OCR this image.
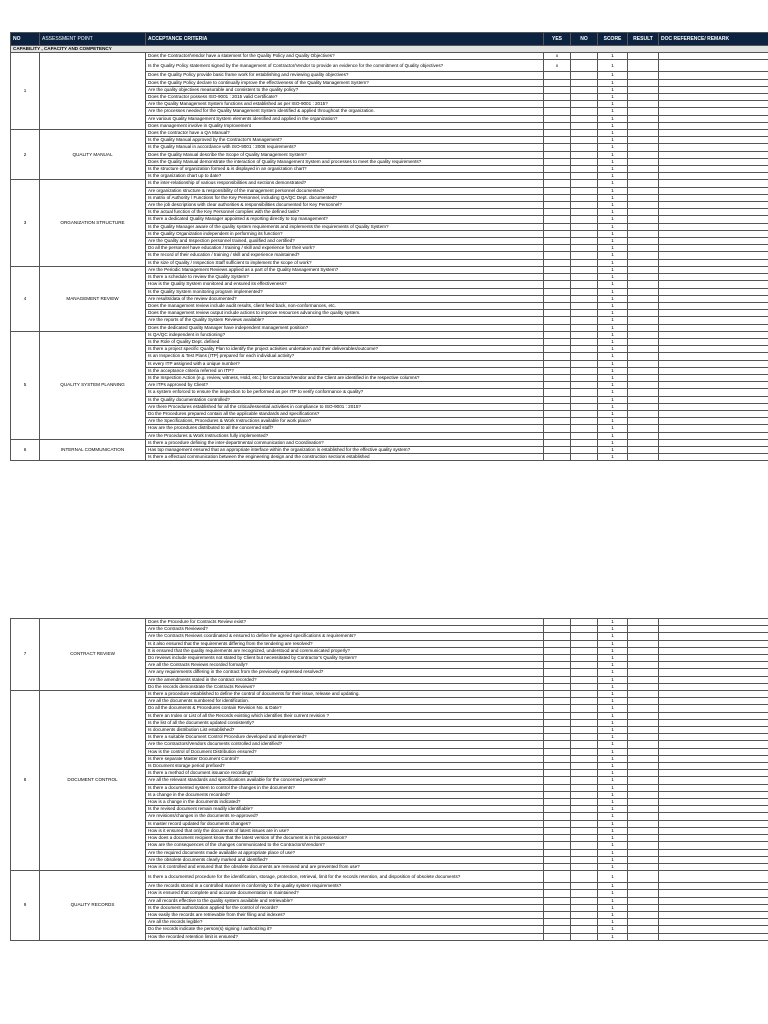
NO	ASSESSMENT POINT	ACCEPTANCE CRITERIA	YES	NO	SCORE	RESULT	DOC REFERENCE/ REMARK
CAPABILITY , CAPACITY AND COMPETENCY							
1		Does the Contractor/Vendor have a statement for the Quality Policy and Quality Objectives?	x		1		
		Is the Quality Policy statement signed by the management of Contractor/Vendor to provide an evidence for the commitment of Quality objectives?	x		1		
		Does the Quality Policy provide basic frame work for establishing and reviewing quality objectives?			1		
		Does the Quality Policy declare to continually improve the effectiveness of the Quality Management System?			1		
		Are the quality objectives measurable and consistent to the quality policy?			1		
		Does the Contractor possess ISO-9001 : 2015 valid Certificate?			1		
		Are the Quality Management System functions and established as per ISO-9001 : 2015?			1		
		Are the processes needed for the Quality Management System identified & applied throughout the organization.			1		
		Are various Quality Management System elements identified and applied in the organization?			1		
		Does management involve in Quality Improvement			1		
2	QUALITY MANUAL	Does the contractor have a QA Manual?			1		
		Is the Quality Manual approved by the Contractor's Management?			1		
		Is the Quality Manual in accordance with ISO-9001 : 2008 requirements?			1		
		Does the Quality Manual describe the Scope of Quality Management System?			1		
		Does the Quality Manual demonstrate the interaction of Quality Management System and processes to meet the quality requirements?			1		
		Is the structure of organization formed & is displayed in an organization chart?			1		
		Is the organization chart up to date?			1		
3	ORGANIZATION STRUCTURE	Is the inter-relationship of various responsibilities and sections demonstrated?			1		
		Are organization structure & responsibility of the management personnel documented?			1		
		Is matrix of Authority / Functions for the Key Personnel, including QA/QC Dept. documented?			1		
		Are the job descriptions with clear authorities & responsibilities documented for Key Personnel?			1		
		Is the actual function of the Key Personnel complies with the defined task?			1		
		Is there a dedicated Quality Manager appointed & reporting directly to top management?			1		
		Is the Quality Manager aware of the quality system requirements and implements the requirements of Quality System?			1		
		Is the Quality Organization independent in performing its function?			1		
		Are the Quality and Inspection personnel trained, qualified and certified?			1		
		Do all the personnel have education / training / skill and experience for their work?			1		
		Is the record of their education / training / skill and experience maintained?			1		
		Is the size of Quality / Inspection Staff sufficient to implement the scope of work?			1		
4	MANAGEMENT REVIEW	Are the Periodic Management Reviews applied as a part of the Quality Management System?			1		
		Is there a schedule to review the Quality System?			1		
		How is the Quality System monitored and ensured its effectiveness?			1		
		Is the Quality System monitoring program implemented?			1		
		Are results/data of the review documented?			1		
		Does the management review include audit results, client feed back, non-conformances, etc.			1		
		Does the management review output include actions to improve resources advancing the quality system.			1		
		Are the reports of the Quality System Reviews available?			1		
		Does the dedicated Quality Manager have independent management position?			1		
5	QUALITY SYSTEM PLANNING	Is QA/QC independent in functioning?			1		
		Is the Role of Quality Dept. defined			1		
		Is there a project specific Quality Plan to identify the project activities undertaken and their deliverables/outcome?			1		
		Is an Inspection & Test Plans (ITP) prepared for each individual activity?			1		
		Is every ITP assigned with a unique number?			1		
		Is the acceptance criteria referred on ITP?			1		
		Is the Inspection Action (e.g. review, witness, Hold, etc.) for Contractor/Vendor and the Client are identified in the respective columns?			1		
		Are ITPs approved by Client?			1		
		Is a system enforced to ensure the inspection to be performed as per ITP to verify conformance & quality?			1		
		Is the Quality documentation controlled?			1		
		Are there Procedures established for all the critical/essential activities in compliance to ISO-9001 : 2015?			1		
		Do the Procedures prepared contain all the applicable standards and specifications?			1		
		Are the Specifications, Procedures & Work Instructions available for work place?			1		
		How are the procedures distributed to all the concerned staff?			1		
		Are the Procedures & Work Instructions fully implemented?			1		
6	INTERNAL COMMUNICATION	Is there a procedure defining the inter-departmental communication and Coordination?			1		
		Has top management ensured that an appropriate interface within the organization is established for the effective quality system?			1		
		Is there a effectual communication between the engineering design and the construction sections established			1		
7	CONTRACT REVIEW	Does the Procedure for Contracts Review exist?			1		
		Are the Contracts Reviewed?			1		
		Are the Contracts Reviews coordinated & ensured to define the agreed specifications & requirements?			1		
		Is it also ensured that the requirements differing from the tendering are resolved?			1		
		It is ensured that the quality requirements are recognized, understood and communicated properly?			1		
		Do reviews include requirements not stated by Client but necessitated by Contractor's Quality System?			1		
		Are all the Contracts Reviews recorded formally?			1		
		Are any requirements differing in the contract from the previously expressed resolved?			1		
		Are the amendments stated in the contract recorded?			1		
		Do the records demonstrate the Contracts Reviews?			1		
8	DOCUMENT CONTROL	Is there a procedure established to define the control of documents for their issue, release and updating.			1		
		Are all the documents numbered for identification.			1		
		Do all the documents & Procedures contain Revision No. & Date?			1		
		Is there an Index or List of all the Records existing which identifies their current revision ?			1		
		Is the list of all the documents updated consistently?			1		
		Is documents distribution List established?			1		
		Is there a suitable Document Control Procedure developed and implemented?			1		
		Are the Contractors/Vendors documents controlled and identified?			1		
		How is the control of Document Distribution ensured?			1		
		Is there separate Master Document Control?			1		
		Is Document storage period prefixed?			1		
		Is there a method of document issuance recording?			1		
		Are all the relevant standards and specifications available for the concerned personnel?			1		
		Is there a documented system to control the changes in the documents?			1		
		Is a change in the documents recorded?			1		
		How is a change in the documents indicated?			1		
		Is the revised document remain readily identifiable?			1		
		Are revisions/changes in the documents re-approved?			1		
		Is master record updated for documents changes?			1		
		How is it ensured that only the documents of latest issues are in use?			1		
		How does a document recipient know that the latest version of the document is in his possession?			1		
		How are the consequences of the changes communicated to the Contractors/Vendors?			1		
		Are the required documents made available at appropriate place of use?			1		
		Are the obsolete documents clearly marked and identified?			1		
		How is it controlled and ensured that the obsolete documents are removed and are prevented from use?			1		
9	QUALITY RECORDS	Is there a documented procedure for the identification, storage, protection, retrieval, limit for the records retention, and disposition of obsolete documents?			1		
		Are the records stored in a controlled manner in conformity to the quality system requirements?			1		
		How is ensured that complete and accurate documentation is maintained?			1		
		Are all records effective to the quality system available and retrievable?			1		
		Is the document authorization applied for the control of records?			1		
		How easily the records are retrievable from their filing and indexes?			1		
		Are all the records legible?			1		
		Do the records indicate the person(s) signing / authorizing it?			1		
		How the recorded retention limit is ensured?			1		
